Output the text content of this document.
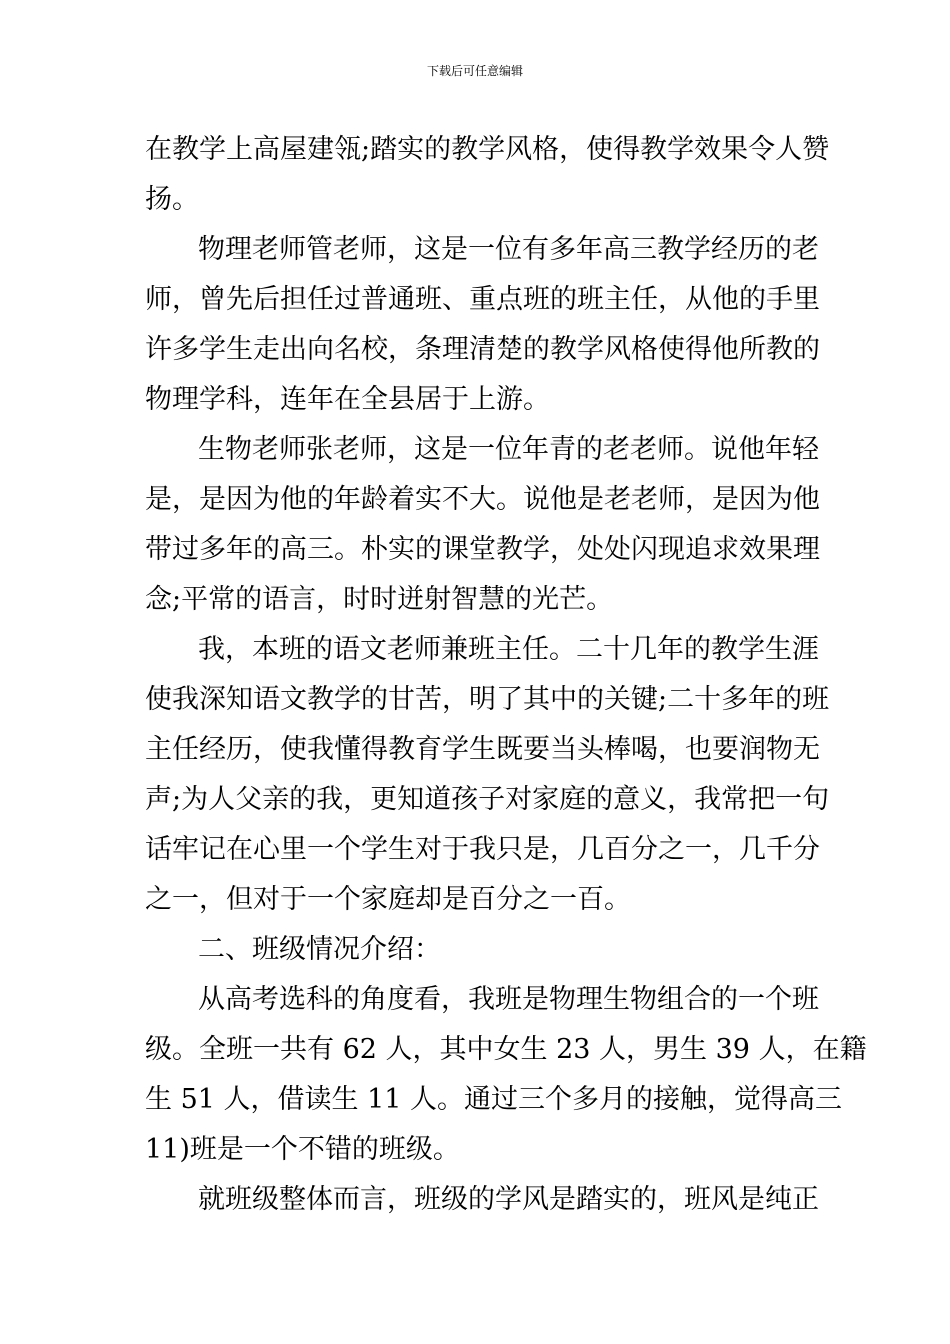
下载后可任意编辑
在教学上高屋建瓴;踏实的教学风格，使得教学效果令人赞
扬。
物理老师管老师，这是一位有多年高三教学经历的老
师，曾先后担任过普通班、重点班的班主任，从他的手里
许多学生走出向名校，条理清楚的教学风格使得他所教的
物理学科，连年在全县居于上游。
生物老师张老师，这是一位年青的老老师。说他年轻
是，是因为他的年龄着实不大。说他是老老师，是因为他
带过多年的高三。朴实的课堂教学，处处闪现追求效果理
念;平常的语言，时时迸射智慧的光芒。
我，本班的语文老师兼班主任。二十几年的教学生涯
使我深知语文教学的甘苦，明了其中的关键;二十多年的班
主任经历，使我懂得教育学生既要当头棒喝，也要润物无
声;为人父亲的我，更知道孩子对家庭的意义，我常把一句
话牢记在心里一个学生对于我只是，几百分之一，几千分
之一，但对于一个家庭却是百分之一百。
二、班级情况介绍：
从高考选科的角度看，我班是物理生物组合的一个班
级。全班一共有 62 人，其中女生 23 人，男生 39 人，在籍
生 51 人，借读生 11 人。通过三个多月的接触，觉得高三
11)班是一个不错的班级。
就班级整体而言，班级的学风是踏实的，班风是纯正
